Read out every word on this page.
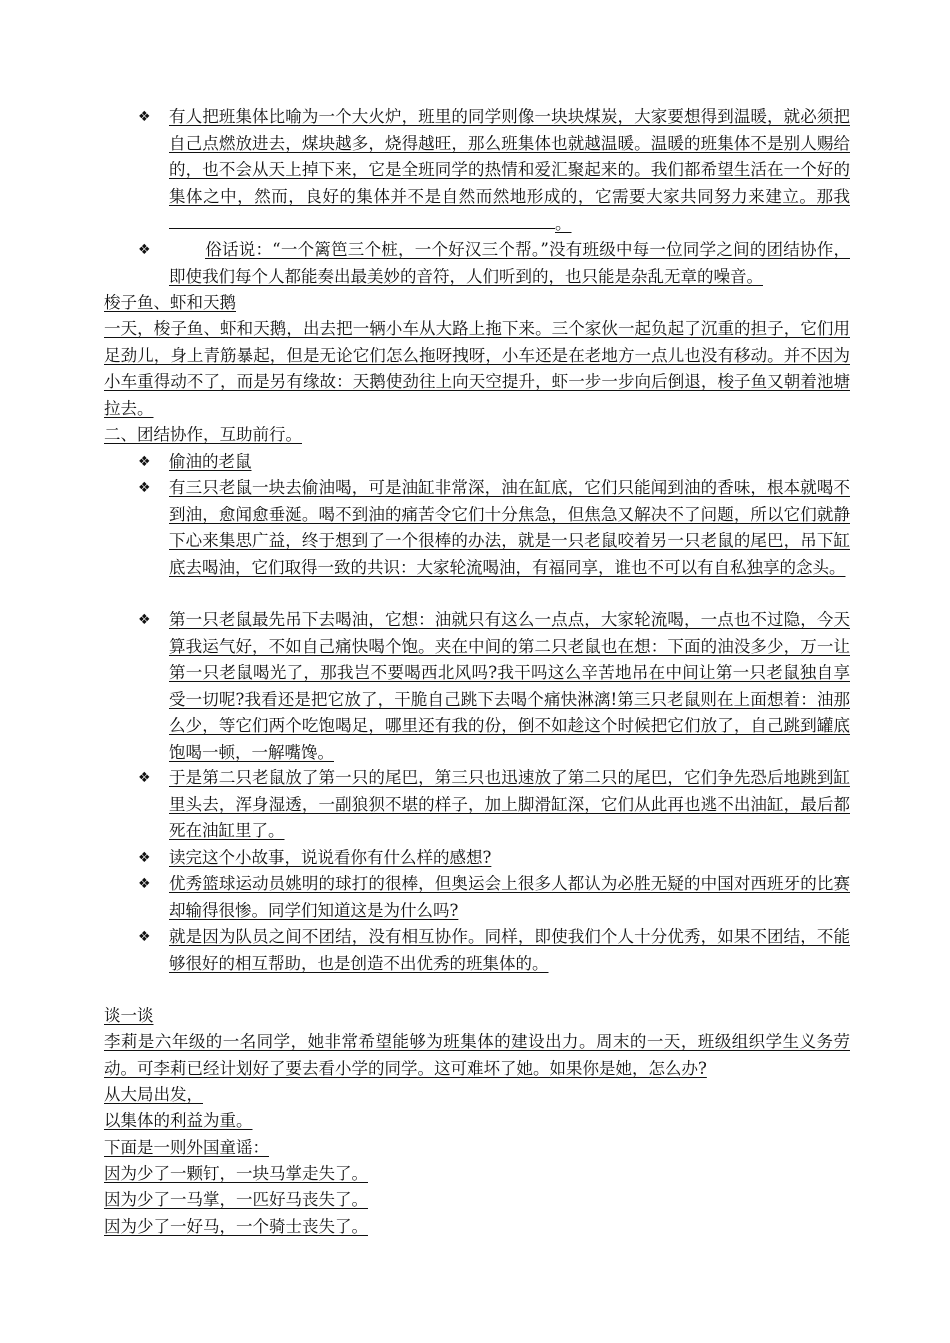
❖	有人把班集体比喻为一个大火炉，班里的同学则像一块块煤炭，大家要想得到温暖，就必须把自己点燃放进去，煤块越多，烧得越旺，那么班集体也就越温暖。温暖的班集体不是别人赐给的，也不会从天上掉下来，它是全班同学的热情和爱汇聚起来的。我们都希望生活在一个好的集体之中，然而，良好的集体并不是自然而然地形成的，它需要大家共同努力来建立。那我。
❖	俗话说：“一个篱笆三个桩，一个好汉三个帮。”没有班级中每一位同学之间的团结协作，即使我们每个人都能奏出最美妙的音符，人们听到的，也只能是杂乱无章的噪音。
梭子鱼、虾和天鹅
一天，梭子鱼、虾和天鹅，出去把一辆小车从大路上拖下来。三个家伙一起负起了沉重的担子，它们用足劲儿，身上青筋暴起，但是无论它们怎么拖呀拽呀，小车还是在老地方一点儿也没有移动。并不因为小车重得动不了，而是另有缘故：天鹅使劲往上向天空提升，虾一步一步向后倒退，梭子鱼又朝着池塘拉去。
二、团结协作，互助前行。
❖	偷油的老鼠
❖	有三只老鼠一块去偷油喝，可是油缸非常深，油在缸底，它们只能闻到油的香味，根本就喝不到油，愈闻愈垂涎。喝不到油的痛苦令它们十分焦急，但焦急又解决不了问题，所以它们就静下心来集思广益，终于想到了一个很棒的办法，就是一只老鼠咬着另一只老鼠的尾巴，吊下缸底去喝油，它们取得一致的共识：大家轮流喝油，有福同享，谁也不可以有自私独享的念头。
❖	第一只老鼠最先吊下去喝油，它想：油就只有这么一点点，大家轮流喝，一点也不过隐，今天算我运气好，不如自己痛快喝个饱。夹在中间的第二只老鼠也在想：下面的油没多少，万一让第一只老鼠喝光了，那我岂不要喝西北风吗?我干吗这么辛苦地吊在中间让第一只老鼠独自享受一切呢?我看还是把它放了，干脆自己跳下去喝个痛快淋漓!第三只老鼠则在上面想着：油那么少，等它们两个吃饱喝足，哪里还有我的份，倒不如趁这个时候把它们放了，自己跳到罐底饱喝一顿，一解嘴馋。
❖	于是第二只老鼠放了第一只的尾巴，第三只也迅速放了第二只的尾巴，它们争先恐后地跳到缸里头去，浑身湿透，一副狼狈不堪的样子，加上脚滑缸深，它们从此再也逃不出油缸，最后都死在油缸里了。
❖	读完这个小故事，说说看你有什么样的感想?
❖	优秀篮球运动员姚明的球打的很棒，但奥运会上很多人都认为必胜无疑的中国对西班牙的比赛却输得很惨。同学们知道这是为什么吗?
❖	就是因为队员之间不团结，没有相互协作。同样，即使我们个人十分优秀，如果不团结，不能够很好的相互帮助，也是创造不出优秀的班集体的。
谈一谈
李莉是六年级的一名同学，她非常希望能够为班集体的建设出力。周末的一天，班级组织学生义务劳动。可李莉已经计划好了要去看小学的同学。这可难坏了她。如果你是她，怎么办?
从大局出发，
以集体的利益为重。
下面是一则外国童谣：
因为少了一颗钉，一块马掌走失了。
因为少了一马掌，一匹好马丧失了。
因为少了一好马，一个骑士丧失了。
